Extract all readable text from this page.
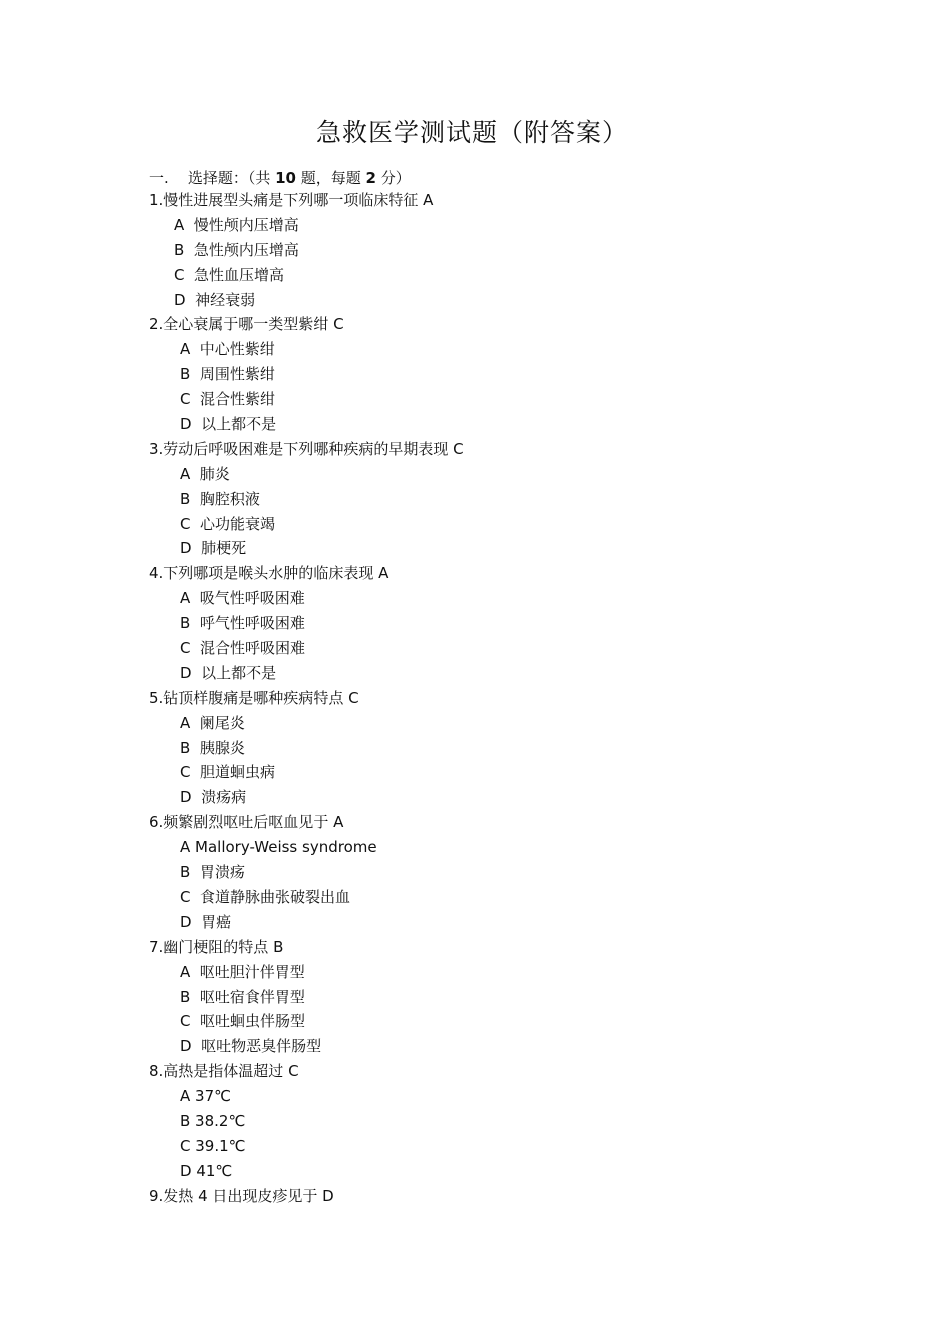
急救医学测试题（附答案）
一.    选择题：（共 10 题，每题 2 分）
1.慢性进展型头痛是下列哪一项临床特征 A
A  慢性颅内压增高
B  急性颅内压增高
C  急性血压增高
D  神经衰弱
2.全心衰属于哪一类型紫绀 C
A  中心性紫绀
B  周围性紫绀
C  混合性紫绀
D  以上都不是
3.劳动后呼吸困难是下列哪种疾病的早期表现 C
A  肺炎
B  胸腔积液
C  心功能衰竭
D  肺梗死
4.下列哪项是喉头水肿的临床表现 A
A  吸气性呼吸困难
B  呼气性呼吸困难
C  混合性呼吸困难
D  以上都不是
5.钻顶样腹痛是哪种疾病特点 C
A  阑尾炎
B  胰腺炎
C  胆道蛔虫病
D  溃疡病
6.频繁剧烈呕吐后呕血见于 A
A Mallory-Weiss syndrome
B  胃溃疡
C  食道静脉曲张破裂出血
D  胃癌
7.幽门梗阻的特点 B
A  呕吐胆汁伴胃型
B  呕吐宿食伴胃型
C  呕吐蛔虫伴肠型
D  呕吐物恶臭伴肠型
8.高热是指体温超过 C
A 37℃
B 38.2℃
C 39.1℃
D 41℃
9.发热 4 日出现皮疹见于 D
